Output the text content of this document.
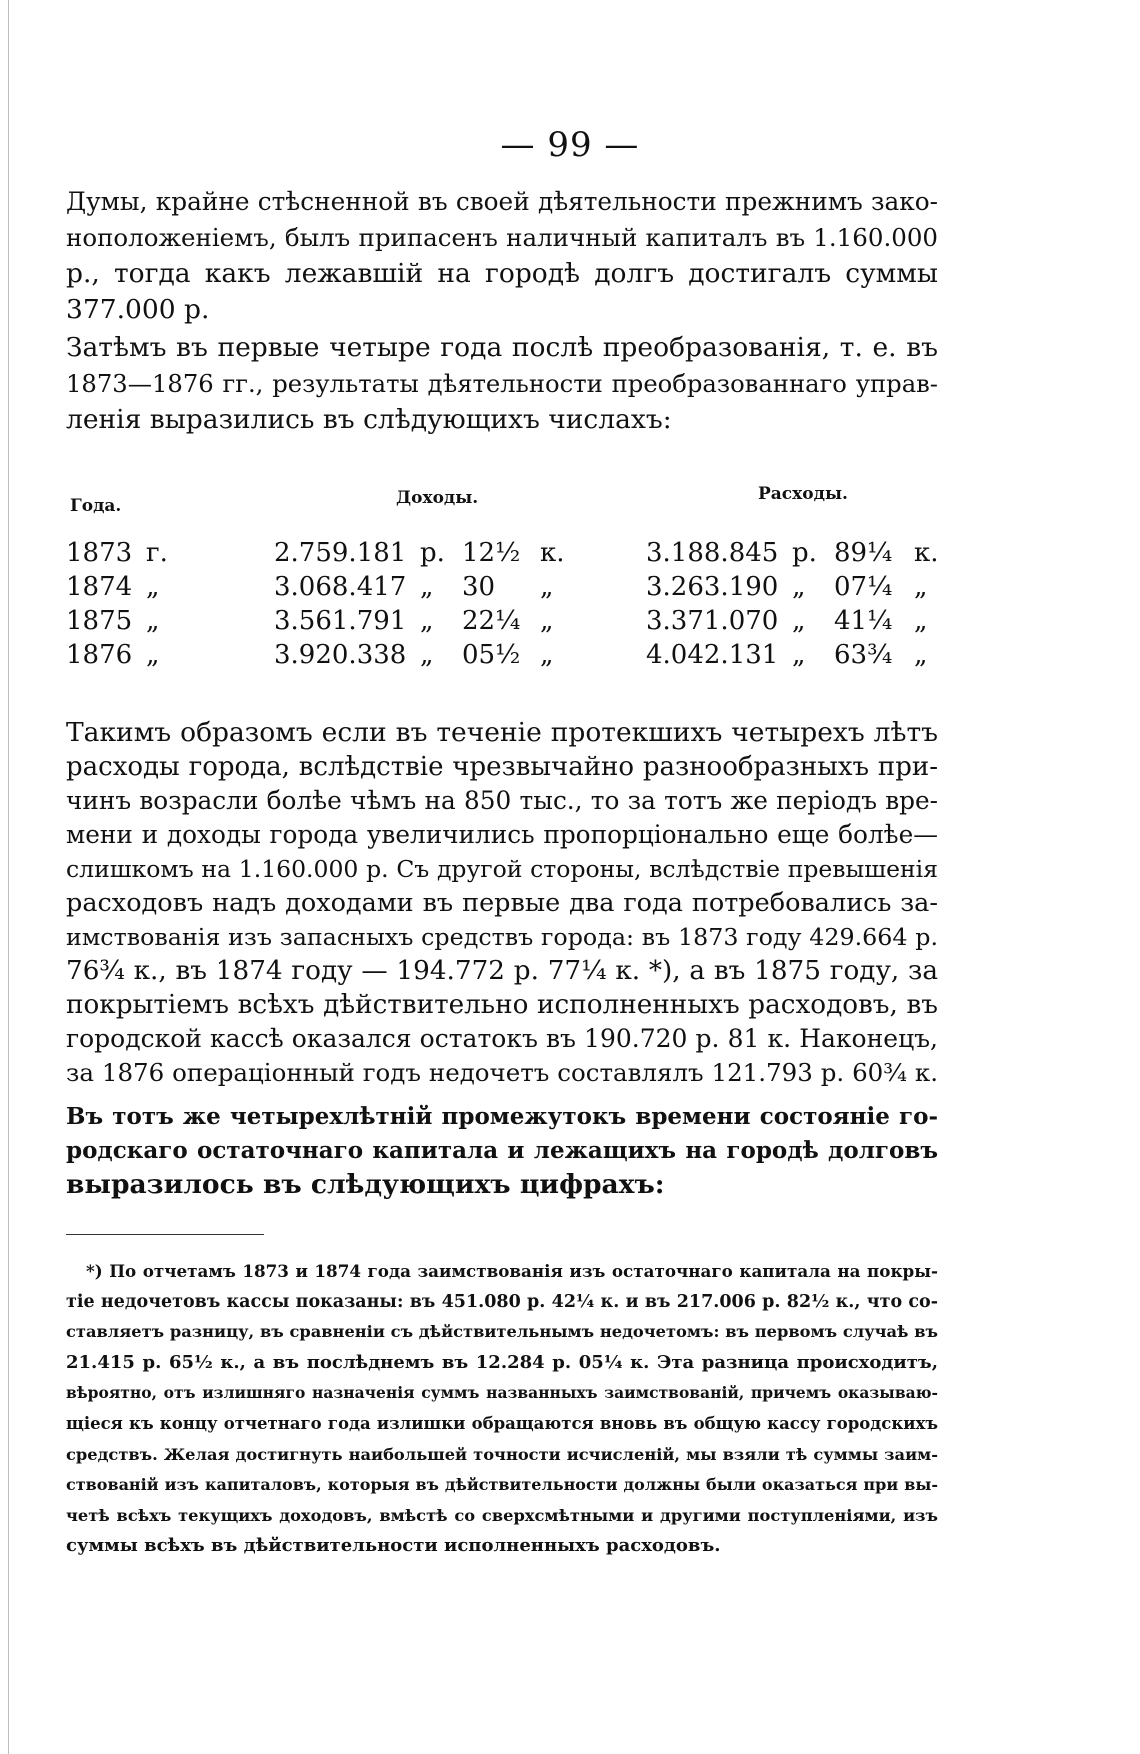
— 99 —

Думы, крайне стѣсненной въ своей дѣятельности прежнимъ зако-
ноположеніемъ, былъ припасенъ наличный капиталъ въ 1.160.000
р., тогда какъ лежавшій на городѣ долгъ достигалъ суммы
377.000 р.

Затѣмъ въ первые четыре года послѣ преобразованія, т. е. въ
1873—1876 гг., результаты дѣятельности преобразованнаго управ-
ленія выразились въ слѣдующихъ числахъ:

Года.	Доходы.	Расходы.
1873 г.	2.759.181 р. 12½ к.	3.188.845 р. 89¼ к.
1874 „	3.068.417 „ 30 „	3.263.190 „ 07¼ „
1875 „	3.561.791 „ 22¼ „	3.371.070 „ 41¼ „
1876 „	3.920.338 „ 05½ „	4.042.131 „ 63¾ „

Такимъ образомъ если въ теченіе протекшихъ четырехъ лѣтъ
расходы города, вслѣдствіе чрезвычайно разнообразныхъ при-
чинъ возрасли болѣе чѣмъ на 850 тыс., то за тотъ же періодъ вре-
мени и доходы города увеличились пропорціонально еще болѣе—
слишкомъ на 1.160.000 р. Съ другой стороны, вслѣдствіе превышенія
расходовъ надъ доходами въ первые два года потребовались за-
имствованія изъ запасныхъ средствъ города: въ 1873 году 429.664 р.
76¾ к., въ 1874 году — 194.772 р. 77¼ к. *), а въ 1875 году, за
покрытіемъ всѣхъ дѣйствительно исполненныхъ расходовъ, въ
городской кассѣ оказался остатокъ въ 190.720 р. 81 к. Наконецъ,
за 1876 операціонный годъ недочетъ составлялъ 121.793 р. 60¾ к.

Въ тотъ же четырехлѣтній промежутокъ времени состояніе го-
родскаго остаточнаго капитала и лежащихъ на городѣ долговъ
выразилось въ слѣдующихъ цифрахъ:

*) По отчетамъ 1873 и 1874 года заимствованія изъ остаточнаго капитала на покры-
тіе недочетовъ кассы показаны: въ 451.080 р. 42¼ к. и въ 217.006 р. 82½ к., что со-
ставляетъ разницу, въ сравненіи съ дѣйствительнымъ недочетомъ: въ первомъ случаѣ въ
21.415 р. 65½ к., а въ послѣднемъ въ 12.284 р. 05¼ к. Эта разница происходитъ,
вѣроятно, отъ излишняго назначенія суммъ названныхъ заимствованій, причемъ оказываю-
щіеся къ концу отчетнаго года излишки обращаются вновь въ общую кассу городскихъ
средствъ. Желая достигнуть наибольшей точности исчисленій, мы взяли тѣ суммы заим-
ствованій изъ капиталовъ, которыя въ дѣйствительности должны были оказаться при вы-
четѣ всѣхъ текущихъ доходовъ, вмѣстѣ со сверхсмѣтными и другими поступленіями, изъ
суммы всѣхъ въ дѣйствительности исполненныхъ расходовъ.
